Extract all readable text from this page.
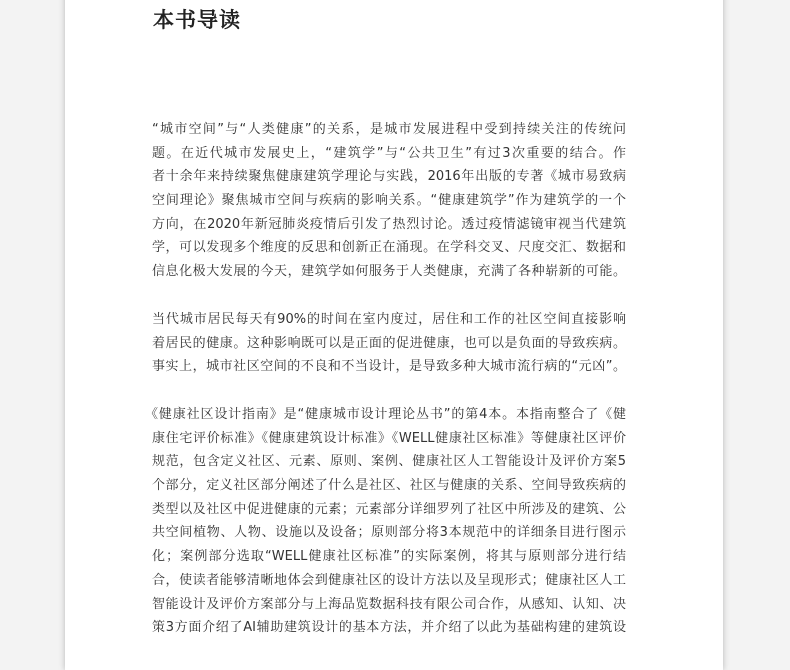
本书导读
“城市空间”与“人类健康”的关系，是城市发展进程中受到持续关注的传统问
题。在近代城市发展史上，“建筑学”与“公共卫生”有过3次重要的结合。作
者十余年来持续聚焦健康建筑学理论与实践，2016年出版的专著《城市易致病
空间理论》聚焦城市空间与疾病的影响关系。“健康建筑学”作为建筑学的一个
方向，在2020年新冠肺炎疫情后引发了热烈讨论。透过疫情滤镜审视当代建筑
学，可以发现多个维度的反思和创新正在涌现。在学科交叉、尺度交汇、数据和
信息化极大发展的今天，建筑学如何服务于人类健康，充满了各种崭新的可能。
当代城市居民每天有90%的时间在室内度过，居住和工作的社区空间直接影响
着居民的健康。这种影响既可以是正面的促进健康，也可以是负面的导致疾病。
事实上，城市社区空间的不良和不当设计，是导致多种大城市流行病的“元凶”。
《健康社区设计指南》是“健康城市设计理论丛书”的第4本。本指南整合了《健
康住宅评价标准》《健康建筑设计标准》《WELL健康社区标准》等健康社区评价
规范，包含定义社区、元素、原则、案例、健康社区人工智能设计及评价方案5
个部分，定义社区部分阐述了什么是社区、社区与健康的关系、空间导致疾病的
类型以及社区中促进健康的元素；元素部分详细罗列了社区中所涉及的建筑、公
共空间植物、人物、设施以及设备；原则部分将3本规范中的详细条目进行图示
化；案例部分选取“WELL健康社区标准”的实际案例，将其与原则部分进行结
合，使读者能够清晰地体会到健康社区的设计方法以及呈现形式；健康社区人工
智能设计及评价方案部分与上海品览数据科技有限公司合作，从感知、认知、决
策3方面介绍了AI辅助建筑设计的基本方法，并介绍了以此为基础构建的建筑设
